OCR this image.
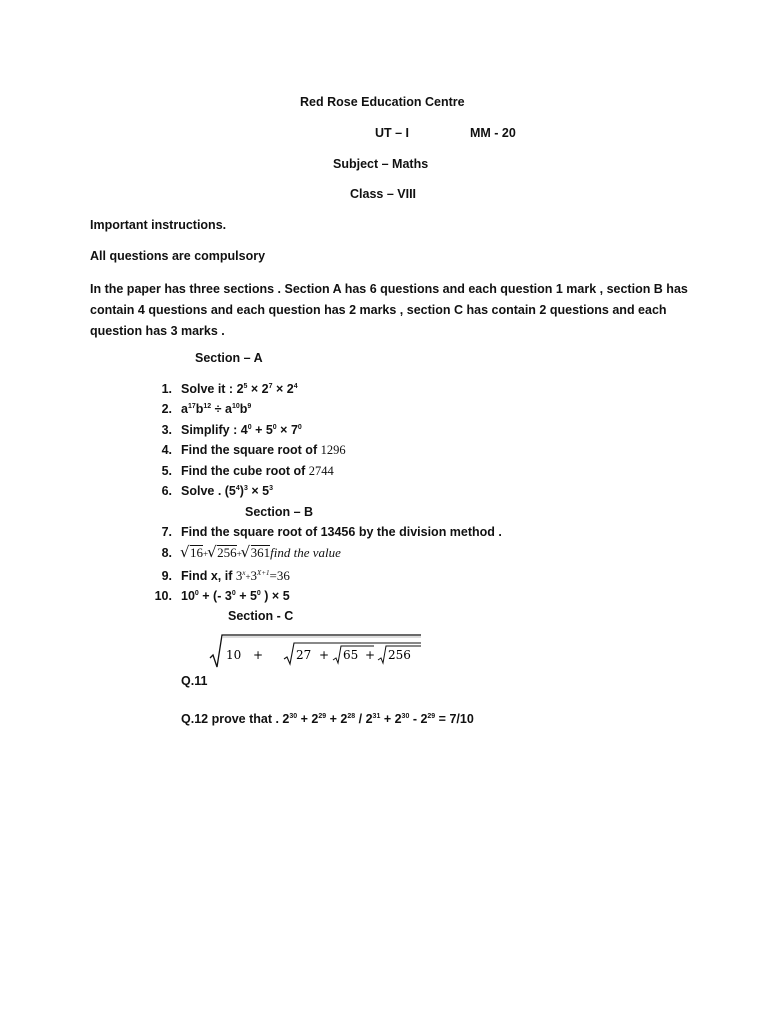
Red Rose Education Centre
UT – I	MM - 20
Subject – Maths
Class – VIII
Important instructions.
All questions are compulsory
In the paper has three sections . Section A has 6 questions and each question 1 mark , section B has contain 4 questions and each question has 2 marks , section C has contain 2 questions and each question has 3 marks .
Section – A
1. Solve it : $2^5 \times 2^7 \times 2^4$
2. $a^{17}b^{12} \div a^{10}b^9$
3. Simplify : $4^0 + 5^0 \times 7^0$
4. Find the square root of 1296
5. Find the cube root of 2744
6. Solve . $(5^4)^3 \times 5^3$
Section – B
7. Find the square root of 13456 by the division method .
8. √ 16+ √ 256+ √ 361find the value
9. Find x, if $3^x+3^{X+1}=36$
10. $10^0$ + (- $3^0 + 5^0$ ) × 5
Section - C
10 +	27 + 65 + 256
Q.11
Q.12 prove that . $2^{30} + 2^{29} + 2^{28} / 2^{31} + 2^{30} - 2^{29} = 7/10$
